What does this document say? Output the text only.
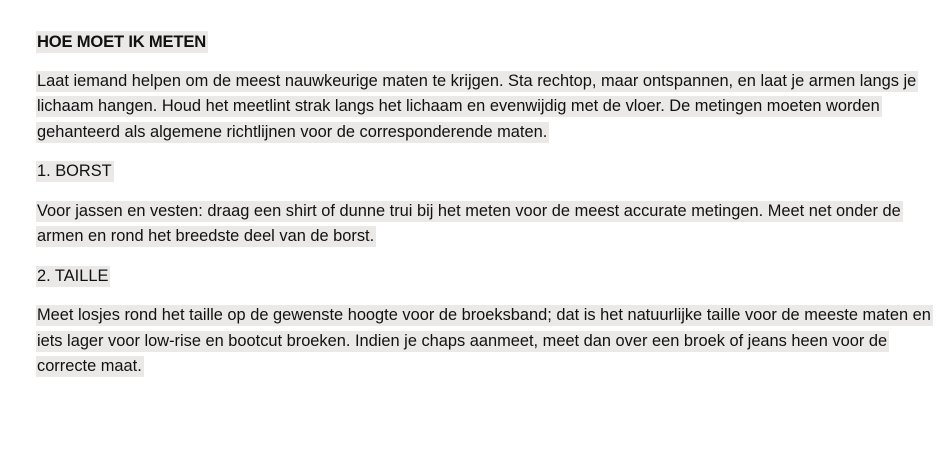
HOE MOET IK METEN

Laat iemand helpen om de meest nauwkeurige maten te krijgen. Sta rechtop, maar ontspannen, en laat je armen langs je lichaam hangen. Houd het meetlint strak langs het lichaam en evenwijdig met de vloer. De metingen moeten worden gehanteerd als algemene richtlijnen voor de corresponderende maten.

1. BORST

Voor jassen en vesten: draag een shirt of dunne trui bij het meten voor de meest accurate metingen. Meet net onder de armen en rond het breedste deel van de borst.

2. TAILLE

Meet losjes rond het taille op de gewenste hoogte voor de broeksband; dat is het natuurlijke taille voor de meeste maten en iets lager voor low-rise en bootcut broeken. Indien je chaps aanmeet, meet dan over een broek of jeans heen voor de correcte maat.
